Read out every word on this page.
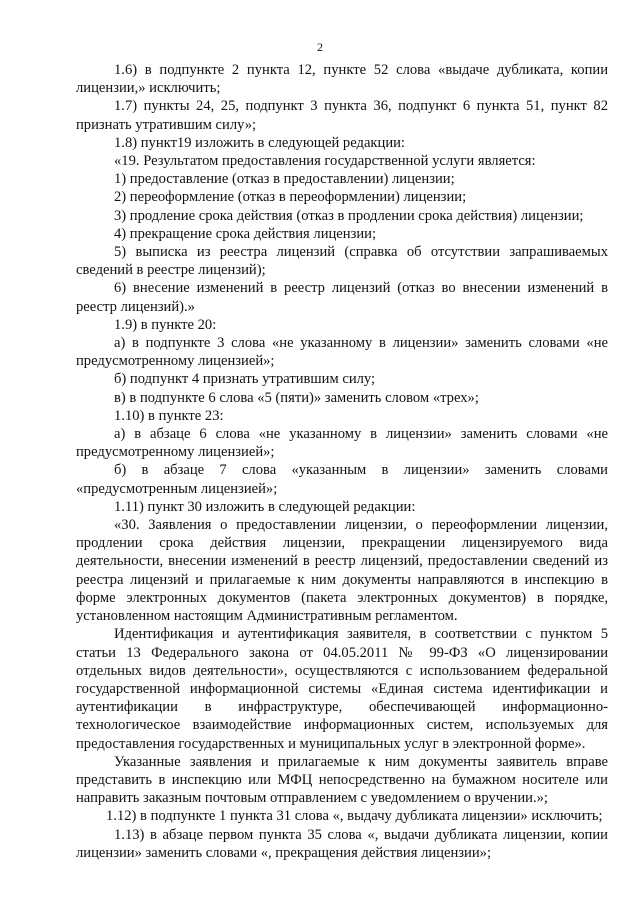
2

1.6) в подпункте 2 пункта 12, пункте 52 слова «выдаче дубликата, копии лицензии,» исключить;

1.7) пункты 24, 25, подпункт 3 пункта 36, подпункт 6 пункта 51, пункт 82 признать утратившим силу»;

1.8) пункт19 изложить в следующей редакции:

«19. Результатом предоставления государственной услуги является:

1) предоставление (отказ в предоставлении) лицензии;

2) переоформление (отказ в переоформлении) лицензии;

3) продление срока действия (отказ в продлении срока действия) лицензии;

4) прекращение срока действия лицензии;

5) выписка из реестра лицензий (справка об отсутствии запрашиваемых сведений в реестре лицензий);

6) внесение изменений в реестр лицензий (отказ во внесении изменений в реестр лицензий).»

1.9) в пункте 20:

а) в подпункте 3 слова «не указанному в лицензии» заменить словами «не предусмотренному лицензией»;

б) подпункт 4 признать утратившим силу;

в) в подпункте 6 слова «5 (пяти)» заменить словом «трех»;

1.10) в пункте 23:

а) в абзаце 6 слова «не указанному в лицензии» заменить словами «не предусмотренному лицензией»;

б) в абзаце 7 слова «указанным в лицензии» заменить словами «предусмотренным лицензией»;

1.11) пункт 30 изложить в следующей редакции:

«30. Заявления о предоставлении лицензии, о переоформлении лицензии, продлении срока действия лицензии, прекращении лицензируемого вида деятельности, внесении изменений в реестр лицензий, предоставлении сведений из реестра лицензий и прилагаемые к ним документы направляются в инспекцию в форме электронных документов (пакета электронных документов) в порядке, установленном настоящим Административным регламентом.

Идентификация и аутентификация заявителя, в соответствии с пунктом 5 статьи 13 Федерального закона от 04.05.2011 № 99-ФЗ «О лицензировании отдельных видов деятельности», осуществляются с использованием федеральной государственной информационной системы «Единая система идентификации и аутентификации в инфраструктуре, обеспечивающей информационно-технологическое взаимодействие информационных систем, используемых для предоставления государственных и муниципальных услуг в электронной форме».

Указанные заявления и прилагаемые к ним документы заявитель вправе представить в инспекцию или МФЦ непосредственно на бумажном носителе или направить заказным почтовым отправлением с уведомлением о вручении.»;

1.12) в подпункте 1 пункта 31 слова «, выдачу дубликата лицензии» исключить;

1.13) в абзаце первом пункта 35 слова «, выдачи дубликата лицензии, копии лицензии» заменить словами «, прекращения действия лицензии»;
